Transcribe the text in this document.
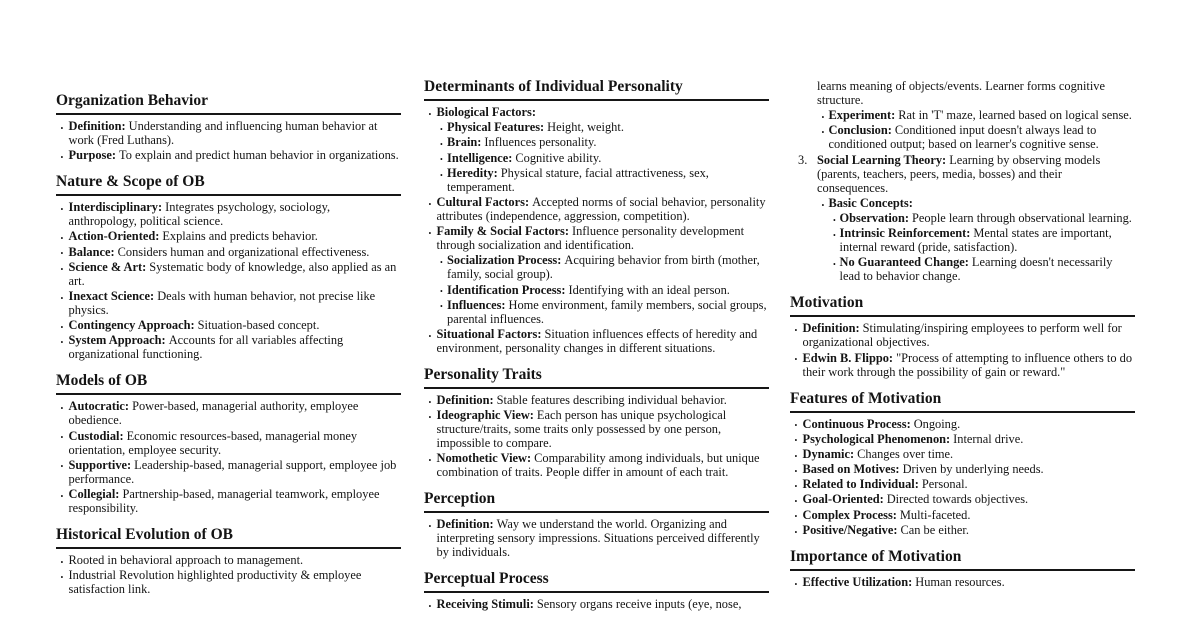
Organization Behavior
• Definition: Understanding and influencing human behavior at work (Fred Luthans).
• Purpose: To explain and predict human behavior in organizations.
Nature & Scope of OB
• Interdisciplinary: Integrates psychology, sociology, anthropology, political science.
• Action-Oriented: Explains and predicts behavior.
• Balance: Considers human and organizational effectiveness.
• Science & Art: Systematic body of knowledge, also applied as an art.
• Inexact Science: Deals with human behavior, not precise like physics.
• Contingency Approach: Situation-based concept.
• System Approach: Accounts for all variables affecting organizational functioning.
Models of OB
• Autocratic: Power-based, managerial authority, employee obedience.
• Custodial: Economic resources-based, managerial money orientation, employee security.
• Supportive: Leadership-based, managerial support, employee job performance.
• Collegial: Partnership-based, managerial teamwork, employee responsibility.
Historical Evolution of OB
• Rooted in behavioral approach to management.
• Industrial Revolution highlighted productivity & employee satisfaction link.
Determinants of Individual Personality
• Biological Factors:
• Physical Features: Height, weight.
• Brain: Influences personality.
• Intelligence: Cognitive ability.
• Heredity: Physical stature, facial attractiveness, sex, temperament.
• Cultural Factors: Accepted norms of social behavior, personality attributes (independence, aggression, competition).
• Family & Social Factors: Influence personality development through socialization and identification.
• Socialization Process: Acquiring behavior from birth (mother, family, social group).
• Identification Process: Identifying with an ideal person.
• Influences: Home environment, family members, social groups, parental influences.
• Situational Factors: Situation influences effects of heredity and environment, personality changes in different situations.
Personality Traits
• Definition: Stable features describing individual behavior.
• Ideographic View: Each person has unique psychological structure/traits, some traits only possessed by one person, impossible to compare.
• Nomothetic View: Comparability among individuals, but unique combination of traits. People differ in amount of each trait.
Perception
• Definition: Way we understand the world. Organizing and interpreting sensory impressions. Situations perceived differently by individuals.
Perceptual Process
• Receiving Stimuli: Sensory organs receive inputs (eye, nose,
learns meaning of objects/events. Learner forms cognitive structure.
• Experiment: Rat in 'T' maze, learned based on logical sense.
• Conclusion: Conditioned input doesn't always lead to conditioned output; based on learner's cognitive sense.
3. Social Learning Theory: Learning by observing models (parents, teachers, peers, media, bosses) and their consequences.
• Basic Concepts:
• Observation: People learn through observational learning.
• Intrinsic Reinforcement: Mental states are important, internal reward (pride, satisfaction).
• No Guaranteed Change: Learning doesn't necessarily lead to behavior change.
Motivation
• Definition: Stimulating/inspiring employees to perform well for organizational objectives.
• Edwin B. Flippo: "Process of attempting to influence others to do their work through the possibility of gain or reward."
Features of Motivation
• Continuous Process: Ongoing.
• Psychological Phenomenon: Internal drive.
• Dynamic: Changes over time.
• Based on Motives: Driven by underlying needs.
• Related to Individual: Personal.
• Goal-Oriented: Directed towards objectives.
• Complex Process: Multi-faceted.
• Positive/Negative: Can be either.
Importance of Motivation
• Effective Utilization: Human resources.
